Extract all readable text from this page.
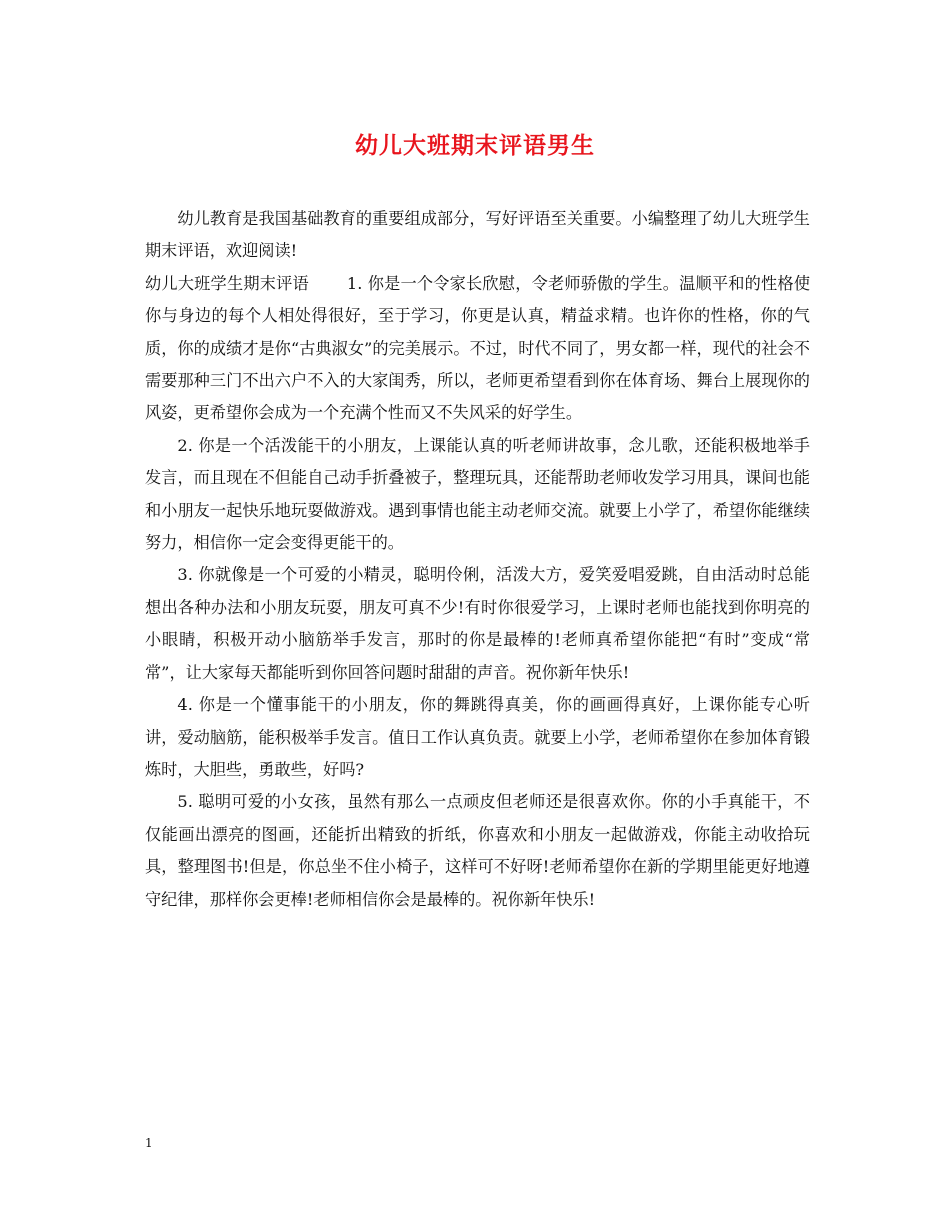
幼儿大班期末评语男生

幼儿教育是我国基础教育的重要组成部分，写好评语至关重要。小编整理了幼儿大班学生期末评语，欢迎阅读!

幼儿大班学生期末评语 1. 你是一个令家长欣慰，令老师骄傲的学生。温顺平和的性格使你与身边的每个人相处得很好，至于学习，你更是认真，精益求精。也许你的性格，你的气质，你的成绩才是你“古典淑女”的完美展示。不过，时代不同了，男女都一样，现代的社会不需要那种三门不出六户不入的大家闺秀，所以，老师更希望看到你在体育场、舞台上展现你的风姿，更希望你会成为一个充满个性而又不失风采的好学生。

2. 你是一个活泼能干的小朋友，上课能认真的听老师讲故事，念儿歌，还能积极地举手发言，而且现在不但能自己动手折叠被子，整理玩具，还能帮助老师收发学习用具，课间也能和小朋友一起快乐地玩耍做游戏。遇到事情也能主动老师交流。就要上小学了，希望你能继续努力，相信你一定会变得更能干的。

3. 你就像是一个可爱的小精灵，聪明伶俐，活泼大方，爱笑爱唱爱跳，自由活动时总能想出各种办法和小朋友玩耍，朋友可真不少!有时你很爱学习，上课时老师也能找到你明亮的小眼睛，积极开动小脑筋举手发言，那时的你是最棒的!老师真希望你能把“有时”变成“常常”，让大家每天都能听到你回答问题时甜甜的声音。祝你新年快乐!

4. 你是一个懂事能干的小朋友，你的舞跳得真美，你的画画得真好，上课你能专心听讲，爱动脑筋，能积极举手发言。值日工作认真负责。就要上小学，老师希望你在参加体育锻炼时，大胆些，勇敢些，好吗?

5. 聪明可爱的小女孩，虽然有那么一点顽皮但老师还是很喜欢你。你的小手真能干，不仅能画出漂亮的图画，还能折出精致的折纸，你喜欢和小朋友一起做游戏，你能主动收拾玩具，整理图书!但是，你总坐不住小椅子，这样可不好呀!老师希望你在新的学期里能更好地遵守纪律，那样你会更棒!老师相信你会是最棒的。祝你新年快乐!

1
